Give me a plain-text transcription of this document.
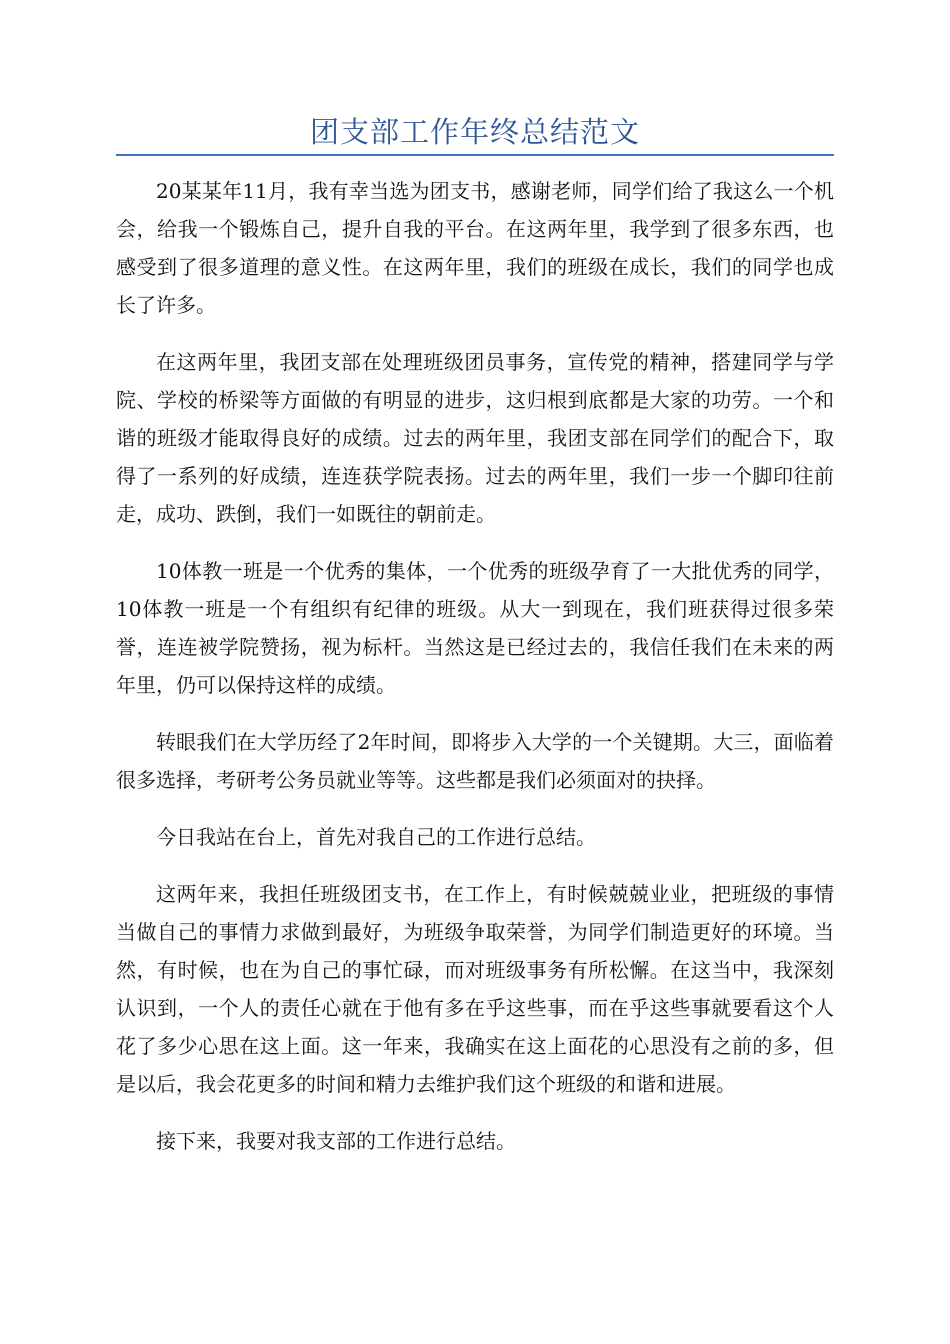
团支部工作年终总结范文

20某某年11月，我有幸当选为团支书，感谢老师，同学们给了我这么一个机会，给我一个锻炼自己，提升自我的平台。在这两年里，我学到了很多东西，也感受到了很多道理的意义性。在这两年里，我们的班级在成长，我们的同学也成长了许多。

在这两年里，我团支部在处理班级团员事务，宣传党的精神，搭建同学与学院、学校的桥梁等方面做的有明显的进步，这归根到底都是大家的功劳。一个和谐的班级才能取得良好的成绩。过去的两年里，我团支部在同学们的配合下，取得了一系列的好成绩，连连获学院表扬。过去的两年里，我们一步一个脚印往前走，成功、跌倒，我们一如既往的朝前走。

10体教一班是一个优秀的集体，一个优秀的班级孕育了一大批优秀的同学，10体教一班是一个有组织有纪律的班级。从大一到现在，我们班获得过很多荣誉，连连被学院赞扬，视为标杆。当然这是已经过去的，我信任我们在未来的两年里，仍可以保持这样的成绩。

转眼我们在大学历经了2年时间，即将步入大学的一个关键期。大三，面临着很多选择，考研考公务员就业等等。这些都是我们必须面对的抉择。

今日我站在台上，首先对我自己的工作进行总结。

这两年来，我担任班级团支书，在工作上，有时候兢兢业业，把班级的事情当做自己的事情力求做到最好，为班级争取荣誉，为同学们制造更好的环境。当然，有时候，也在为自己的事忙碌，而对班级事务有所松懈。在这当中，我深刻认识到，一个人的责任心就在于他有多在乎这些事，而在乎这些事就要看这个人花了多少心思在这上面。这一年来，我确实在这上面花的心思没有之前的多，但是以后，我会花更多的时间和精力去维护我们这个班级的和谐和进展。

接下来，我要对我支部的工作进行总结。
